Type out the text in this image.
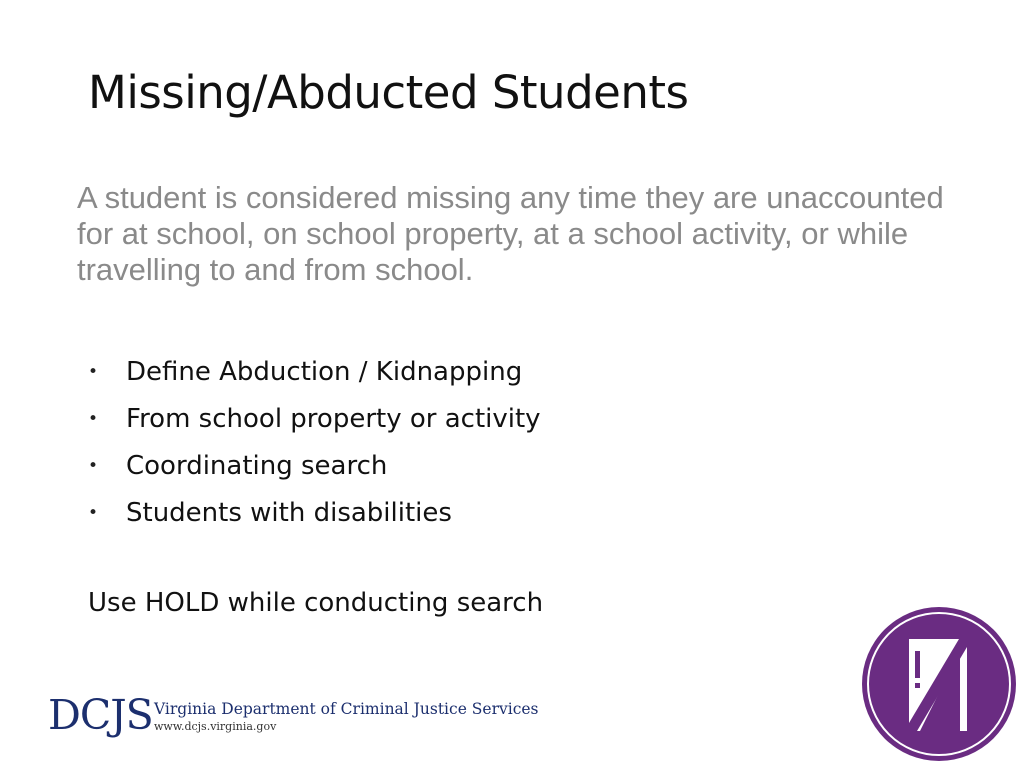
Missing/Abducted Students

A student is considered missing any time they are unaccounted for at school, on school property, at a school activity, or while travelling to and from school.

• Define Abduction / Kidnapping
• From school property or activity
• Coordinating search
• Students with disabilities

Use HOLD while conducting search

DCJS Virginia Department of Criminal Justice Services
www.dcjs.virginia.gov
